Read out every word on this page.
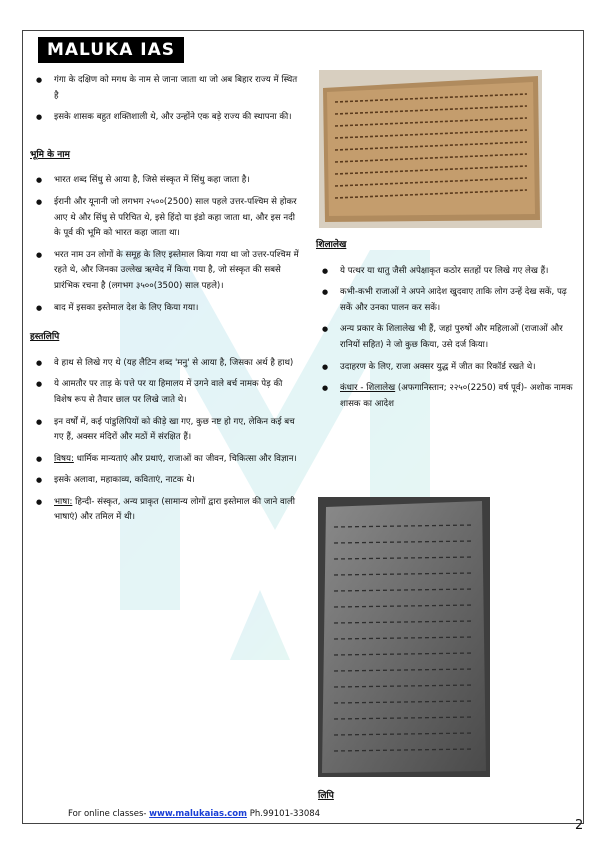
MALUKA IAS
● गंगा के दक्षिण को मगध के नाम से जाना जाता था जो अब बिहार राज्य में स्थित है
● इसके शासक बहुत शक्तिशाली थे, और उन्होंने एक बड़े राज्य की स्थापना की।
भूमि के नाम
● भारत शब्द सिंधु से आया है, जिसे संस्कृत में सिंधु कहा जाता है।
● ईरानी और यूनानी जो लगभग २५००(2500) साल पहले उत्तर-पश्चिम से होकर आए थे और सिंधु से परिचित थे, इसे हिंदो या इंडो कहा जाता था, और इस नदी के पूर्व की भूमि को भारत कहा जाता था।
● भरत नाम उन लोगों के समूह के लिए इस्तेमाल किया गया था जो उत्तर-पश्चिम में रहते थे, और जिनका उल्लेख ऋग्वेद में किया गया है, जो संस्कृत की सबसे प्रारंभिक रचना है (लगभग ३५००(3500) साल पहले)।
● बाद में इसका इस्तेमाल देश के लिए किया गया।
हस्तलिपि
● वे हाथ से लिखे गए थे (यह लैटिन शब्द 'मनु' से आया है, जिसका अर्थ है हाथ)
● ये आमतौर पर ताड़ के पत्ते पर या हिमालय में उगने वाले बर्च नामक पेड़ की विशेष रूप से तैयार छाल पर लिखे जाते थे।
● इन वर्षों में, कई पांडुलिपियों को कीड़े खा गए, कुछ नष्ट हो गए, लेकिन कई बच गए हैं, अक्सर मंदिरों और मठों में संरक्षित हैं।
● विषय: धार्मिक मान्यताएं और प्रथाएं, राजाओं का जीवन, चिकित्सा और विज्ञान।
● इसके अलावा, महाकाव्य, कविताएं, नाटक थे।
● भाषा: हिन्दी- संस्कृत, अन्य प्राकृत (सामान्य लोगों द्वारा इस्तेमाल की जाने वाली भाषाएं) और तमिल में थी।
शिलालेख
● ये पत्थर या धातु जैसी अपेक्षाकृत कठोर सतहों पर लिखे गए लेख हैं।
● कभी-कभी राजाओं ने अपने आदेश खुदवाए ताकि लोग उन्हें देख सकें, पढ़ सकें और उनका पालन कर सकें।
● अन्य प्रकार के शिलालेख भी हैं, जहां पुरुषों और महिलाओं (राजाओं और रानियों सहित) ने जो कुछ किया, उसे दर्ज किया।
● उदाहरण के लिए, राजा अक्सर युद्ध में जीत का रिकॉर्ड रखते थे।
● कंधार - शिलालेख (अफगानिस्तान; २२५०(2250) वर्ष पूर्व)- अशोक नामक शासक का आदेश
लिपि
For online classes- www.malukaias.com Ph.99101-33084
2
